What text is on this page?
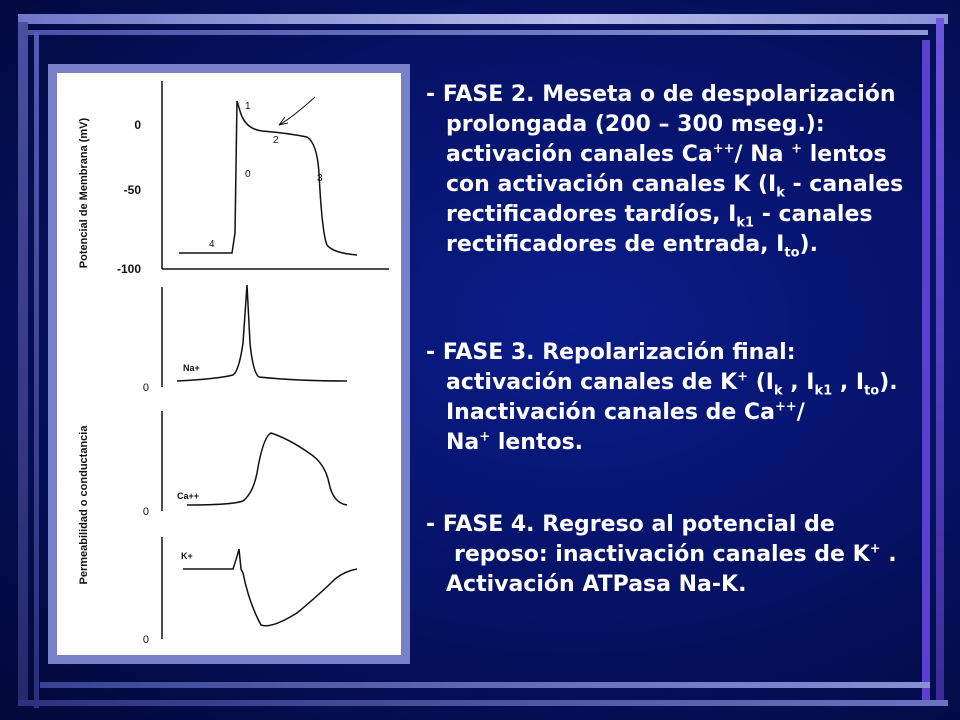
Potencial de Membrana (mV)	0
-50
-100
0
1
2
3
4
Permeabilidad o conductancia
0
Na+
0
Ca++
0
K+
- FASE 2. Meseta o de despolarización
prolongada (200 – 300 mseg.):
activación canales Ca++/ Na + lentos
con activación canales K ($I_k$ - canales
rectificadores tardíos, $I_{k1}$ - canales
rectificadores de entrada, $I_{to}$).
- FASE 3. Repolarización final:
activación canales de K+ ($I_k$ , $I_{k1}$ , $I_{to}$).
Inactivación canales de Ca++/
Na+ lentos.
- FASE 4. Regreso al potencial de
reposo: inactivación canales de K+ .
Activación ATPasa Na-K.
